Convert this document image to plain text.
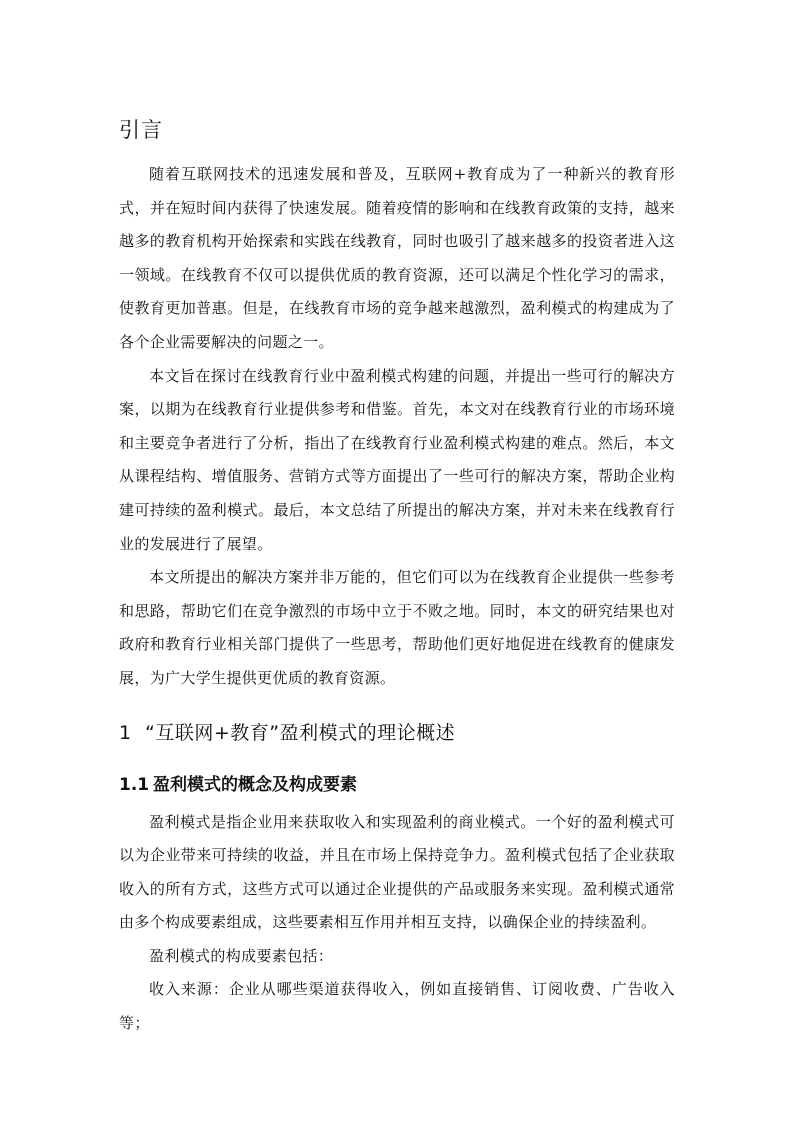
引言

随着互联网技术的迅速发展和普及，互联网+教育成为了一种新兴的教育形式，并在短时间内获得了快速发展。随着疫情的影响和在线教育政策的支持，越来越多的教育机构开始探索和实践在线教育，同时也吸引了越来越多的投资者进入这一领域。在线教育不仅可以提供优质的教育资源，还可以满足个性化学习的需求，使教育更加普惠。但是，在线教育市场的竞争越来越激烈，盈利模式的构建成为了各个企业需要解决的问题之一。

本文旨在探讨在线教育行业中盈利模式构建的问题，并提出一些可行的解决方案，以期为在线教育行业提供参考和借鉴。首先，本文对在线教育行业的市场环境和主要竞争者进行了分析，指出了在线教育行业盈利模式构建的难点。然后，本文从课程结构、增值服务、营销方式等方面提出了一些可行的解决方案，帮助企业构建可持续的盈利模式。最后，本文总结了所提出的解决方案，并对未来在线教育行业的发展进行了展望。

本文所提出的解决方案并非万能的，但它们可以为在线教育企业提供一些参考和思路，帮助它们在竞争激烈的市场中立于不败之地。同时，本文的研究结果也对政府和教育行业相关部门提供了一些思考，帮助他们更好地促进在线教育的健康发展，为广大学生提供更优质的教育资源。

1 “互联网+教育”盈利模式的理论概述
1.1 盈利模式的概念及构成要素

盈利模式是指企业用来获取收入和实现盈利的商业模式。一个好的盈利模式可以为企业带来可持续的收益，并且在市场上保持竞争力。盈利模式包括了企业获取收入的所有方式，这些方式可以通过企业提供的产品或服务来实现。盈利模式通常由多个构成要素组成，这些要素相互作用并相互支持，以确保企业的持续盈利。

盈利模式的构成要素包括：

收入来源：企业从哪些渠道获得收入，例如直接销售、订阅收费、广告收入等；
